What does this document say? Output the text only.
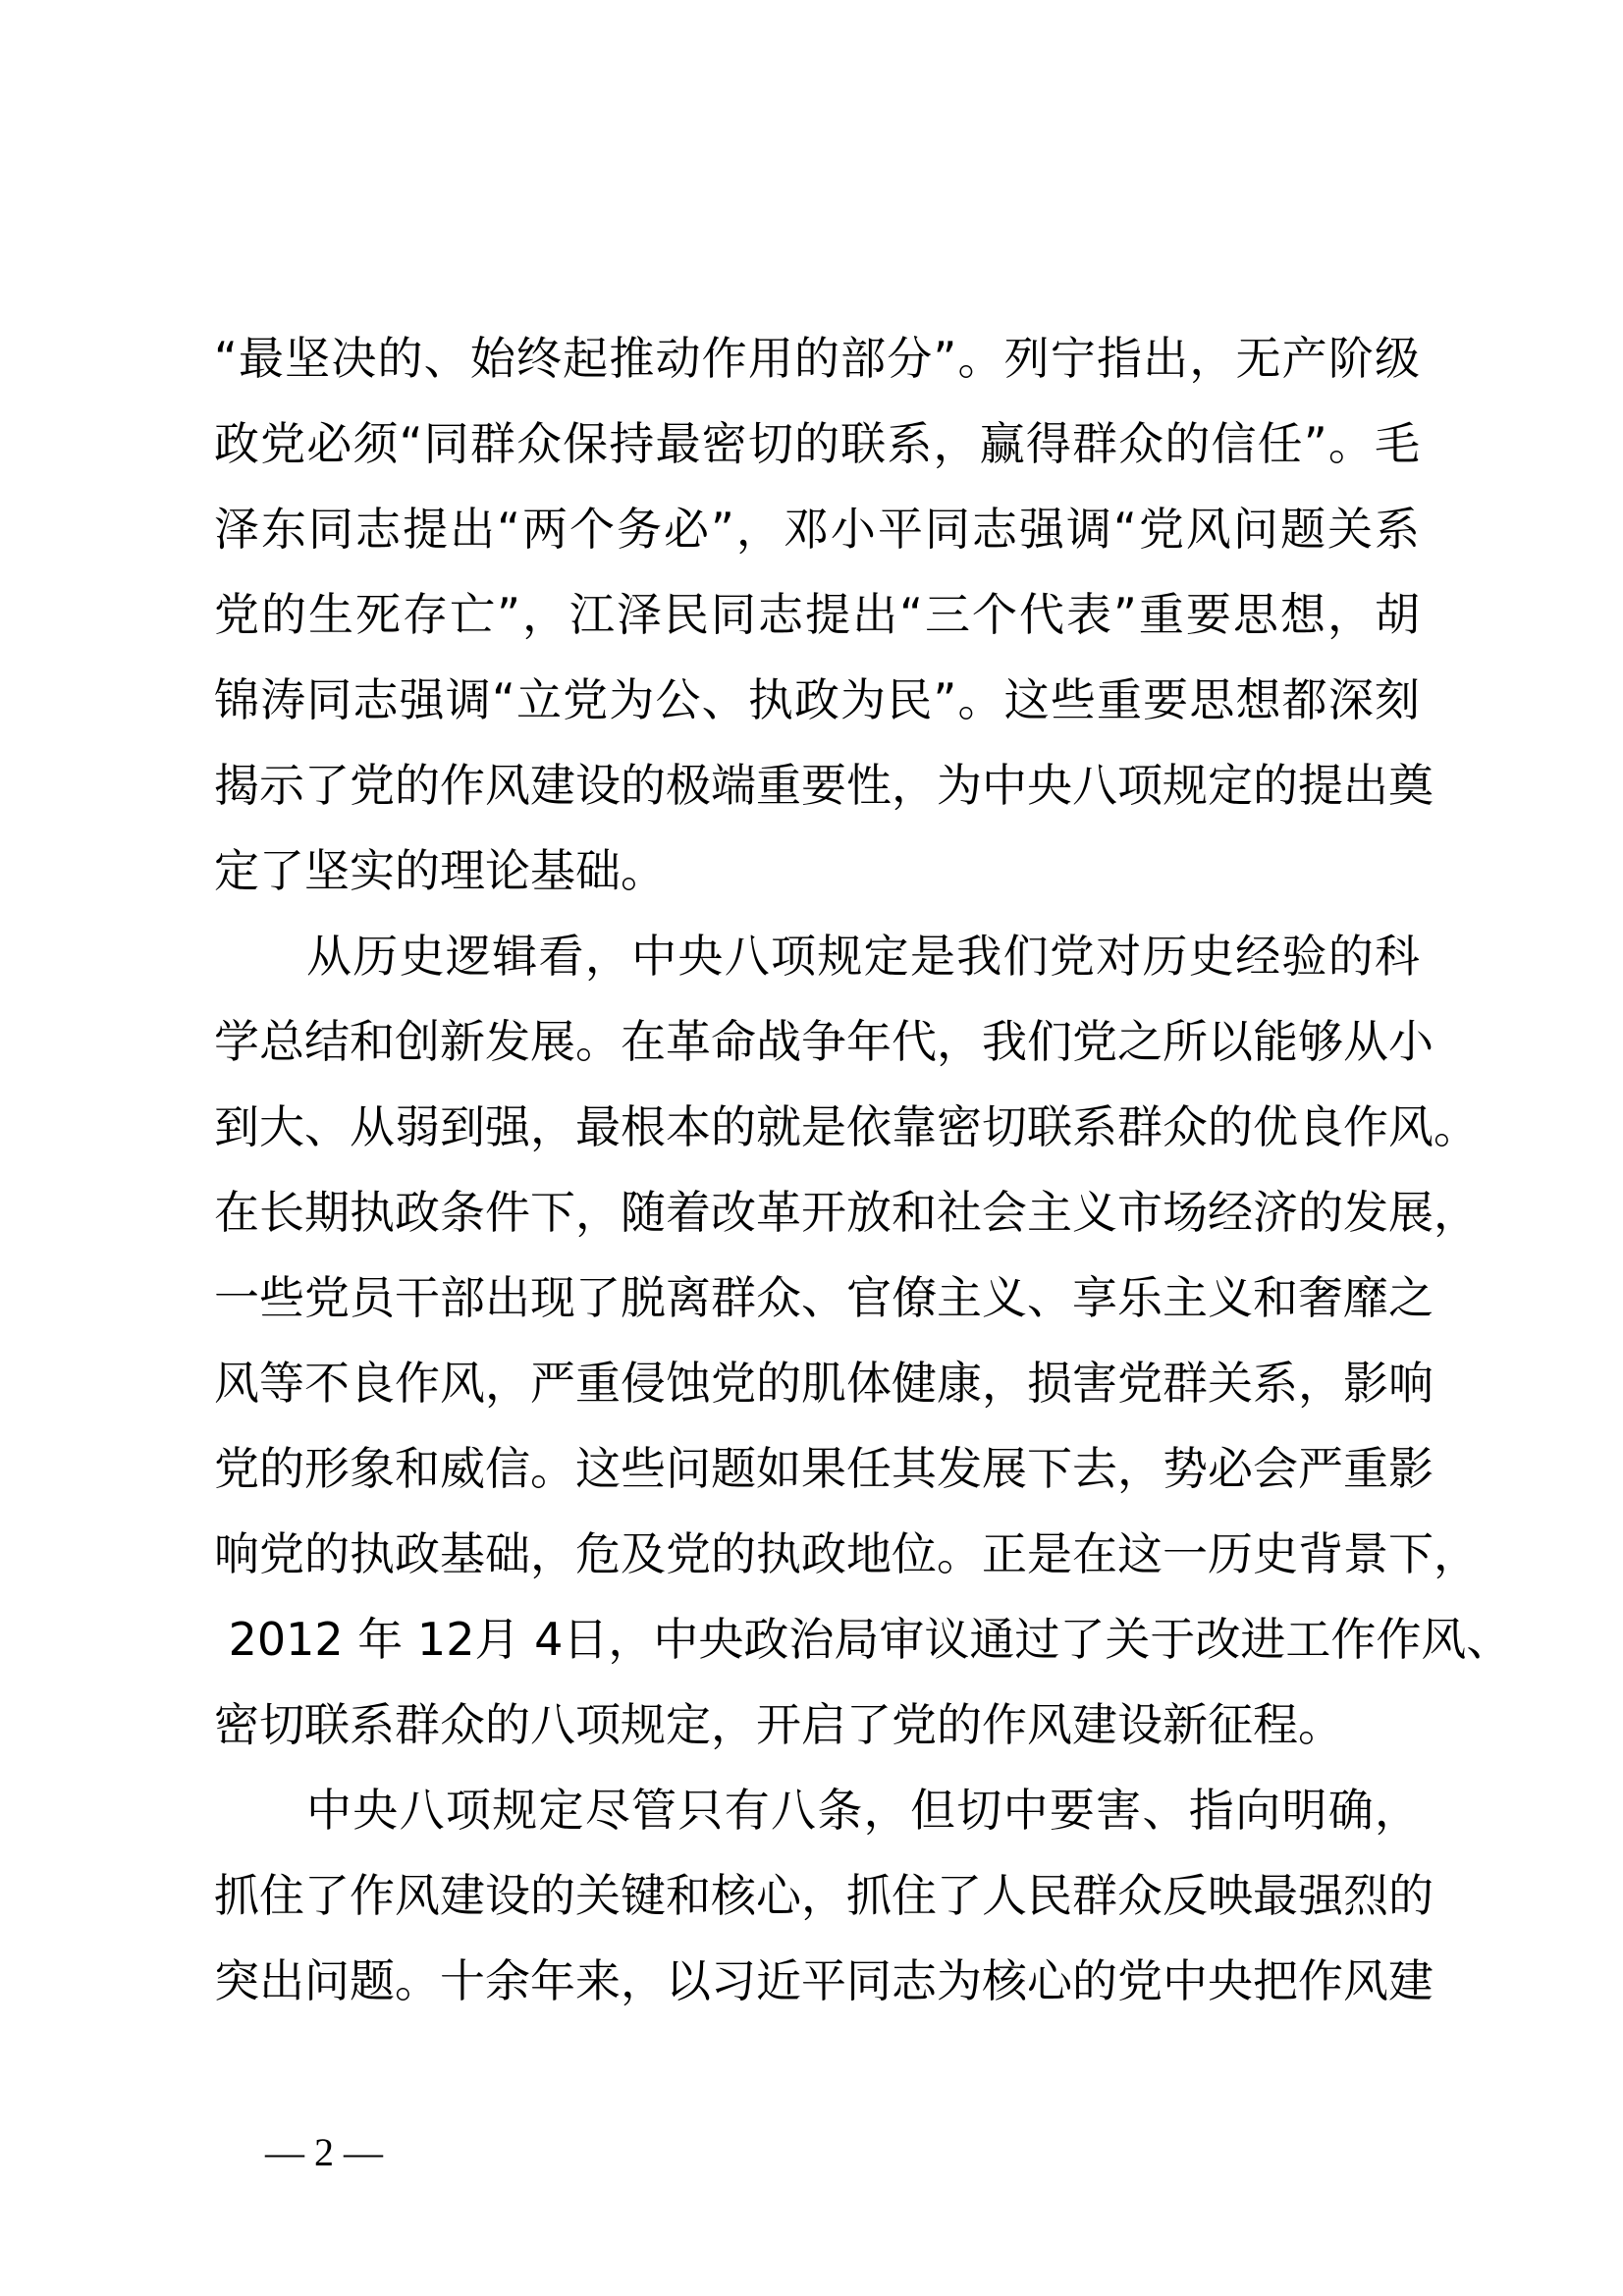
“最坚决的、始终起推动作用的部分”。列宁指出，无产阶级
政党必须“同群众保持最密切的联系，赢得群众的信任”。毛
泽东同志提出“两个务必”，邓小平同志强调“党风问题关系
党的生死存亡”，江泽民同志提出“三个代表”重要思想，胡
锦涛同志强调“立党为公、执政为民”。这些重要思想都深刻
揭示了党的作风建设的极端重要性，为中央八项规定的提出奠
定了坚实的理论基础。
从历史逻辑看，中央八项规定是我们党对历史经验的科
学总结和创新发展。在革命战争年代，我们党之所以能够从小
到大、从弱到强，最根本的就是依靠密切联系群众的优良作风。
在长期执政条件下，随着改革开放和社会主义市场经济的发展，
一些党员干部出现了脱离群众、官僚主义、享乐主义和奢靡之
风等不良作风，严重侵蚀党的肌体健康，损害党群关系，影响
党的形象和威信。这些问题如果任其发展下去，势必会严重影
响党的执政基础，危及党的执政地位。正是在这一历史背景下，
2012 年 12月 4日，中央政治局审议通过了关于改进工作作风、
密切联系群众的八项规定，开启了党的作风建设新征程。
中央八项规定尽管只有八条，但切中要害、指向明确，
抓住了作风建设的关键和核心，抓住了人民群众反映最强烈的
突出问题。十余年来，以习近平同志为核心的党中央把作风建
— 2 —
